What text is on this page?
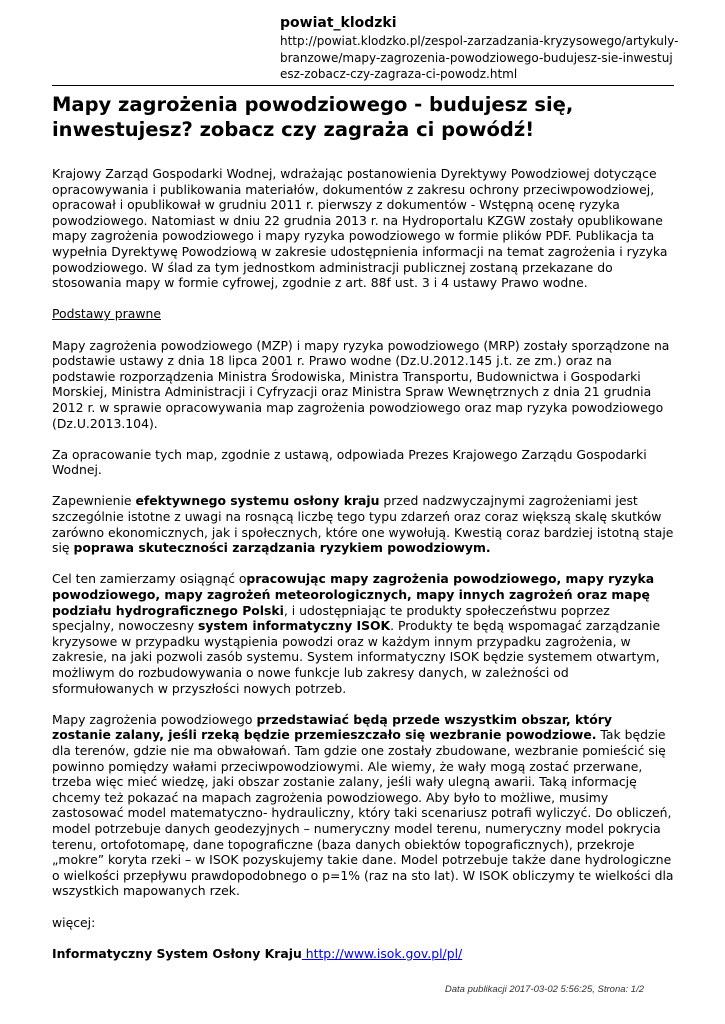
powiat_klodzki

http://powiat.klodzko.pl/zespol-zarzadzania-kryzysowego/artykuly-branzowe/mapy-zagrozenia-powodziowego-budujesz-sie-inwestujesz-zobacz-czy-zagraza-ci-powodz.html

Mapy zagrożenia powodziowego - budujesz się, inwestujesz? zobacz czy zagraża ci powódź!

Krajowy Zarząd Gospodarki Wodnej, wdrażając postanowienia Dyrektywy Powodziowej dotyczące opracowywania i publikowania materiałów, dokumentów z zakresu ochrony przeciwpowodziowej, opracował i opublikował w grudniu 2011 r. pierwszy z dokumentów - Wstępną ocenę ryzyka powodziowego. Natomiast w dniu 22 grudnia 2013 r. na Hydroportalu KZGW zostały opublikowane mapy zagrożenia powodziowego i mapy ryzyka powodziowego w formie plików PDF. Publikacja ta wypełnia Dyrektywę Powodziową w zakresie udostępnienia informacji na temat zagrożenia i ryzyka powodziowego. W ślad za tym jednostkom administracji publicznej zostaną przekazane do stosowania mapy w formie cyfrowej, zgodnie z art. 88f ust. 3 i 4 ustawy Prawo wodne.

Podstawy prawne

Mapy zagrożenia powodziowego (MZP) i mapy ryzyka powodziowego (MRP) zostały sporządzone na podstawie ustawy z dnia 18 lipca 2001 r. Prawo wodne (Dz.U.2012.145 j.t. ze zm.) oraz na podstawie rozporządzenia Ministra Środowiska, Ministra Transportu, Budownictwa i Gospodarki Morskiej, Ministra Administracji i Cyfryzacji oraz Ministra Spraw Wewnętrznych z dnia 21 grudnia 2012 r. w sprawie opracowywania map zagrożenia powodziowego oraz map ryzyka powodziowego (Dz.U.2013.104).

Za opracowanie tych map, zgodnie z ustawą, odpowiada Prezes Krajowego Zarządu Gospodarki Wodnej.

Zapewnienie efektywnego systemu osłony kraju przed nadzwyczajnymi zagrożeniami jest szczególnie istotne z uwagi na rosnącą liczbę tego typu zdarzeń oraz coraz większą skalę skutków zarówno ekonomicznych, jak i społecznych, które one wywołują. Kwestią coraz bardziej istotną staje się poprawa skuteczności zarządzania ryzykiem powodziowym.

Cel ten zamierzamy osiągnąć opracowując mapy zagrożenia powodziowego, mapy ryzyka powodziowego, mapy zagrożeń meteorologicznych, mapy innych zagrożeń oraz mapę podziału hydrograficznego Polski, i udostępniając te produkty społeczeństwu poprzez specjalny, nowoczesny system informatyczny ISOK. Produkty te będą wspomagać zarządzanie kryzysowe w przypadku wystąpienia powodzi oraz w każdym innym przypadku zagrożenia, w zakresie, na jaki pozwoli zasób systemu. System informatyczny ISOK będzie systemem otwartym, możliwym do rozbudowywania o nowe funkcje lub zakresy danych, w zależności od sformułowanych w przyszłości nowych potrzeb.

Mapy zagrożenia powodziowego przedstawiać będą przede wszystkim obszar, który zostanie zalany, jeśli rzeką będzie przemieszczało się wezbranie powodziowe. Tak będzie dla terenów, gdzie nie ma obwałowań. Tam gdzie one zostały zbudowane, wezbranie pomieścić się powinno pomiędzy wałami przeciwpowodziowymi. Ale wiemy, że wały mogą zostać przerwane, trzeba więc mieć wiedzę, jaki obszar zostanie zalany, jeśli wały ulegną awarii. Taką informację chcemy też pokazać na mapach zagrożenia powodziowego. Aby było to możliwe, musimy zastosować model matematyczno- hydrauliczny, który taki scenariusz potrafi wyliczyć. Do obliczeń, model potrzebuje danych geodezyjnych – numeryczny model terenu, numeryczny model pokrycia terenu, ortofotomapę, dane topograficzne (baza danych obiektów topograficznych), przekroje „mokre” koryta rzeki – w ISOK pozyskujemy takie dane. Model potrzebuje także dane hydrologiczne o wielkości przepływu prawdopodobnego o p=1% (raz na sto lat). W ISOK obliczymy te wielkości dla wszystkich mapowanych rzek.

więcej:

Informatyczny System Osłony Kraju http://www.isok.gov.pl/pl/

Data publikacji 2017-03-02 5:56:25, Strona: 1/2
